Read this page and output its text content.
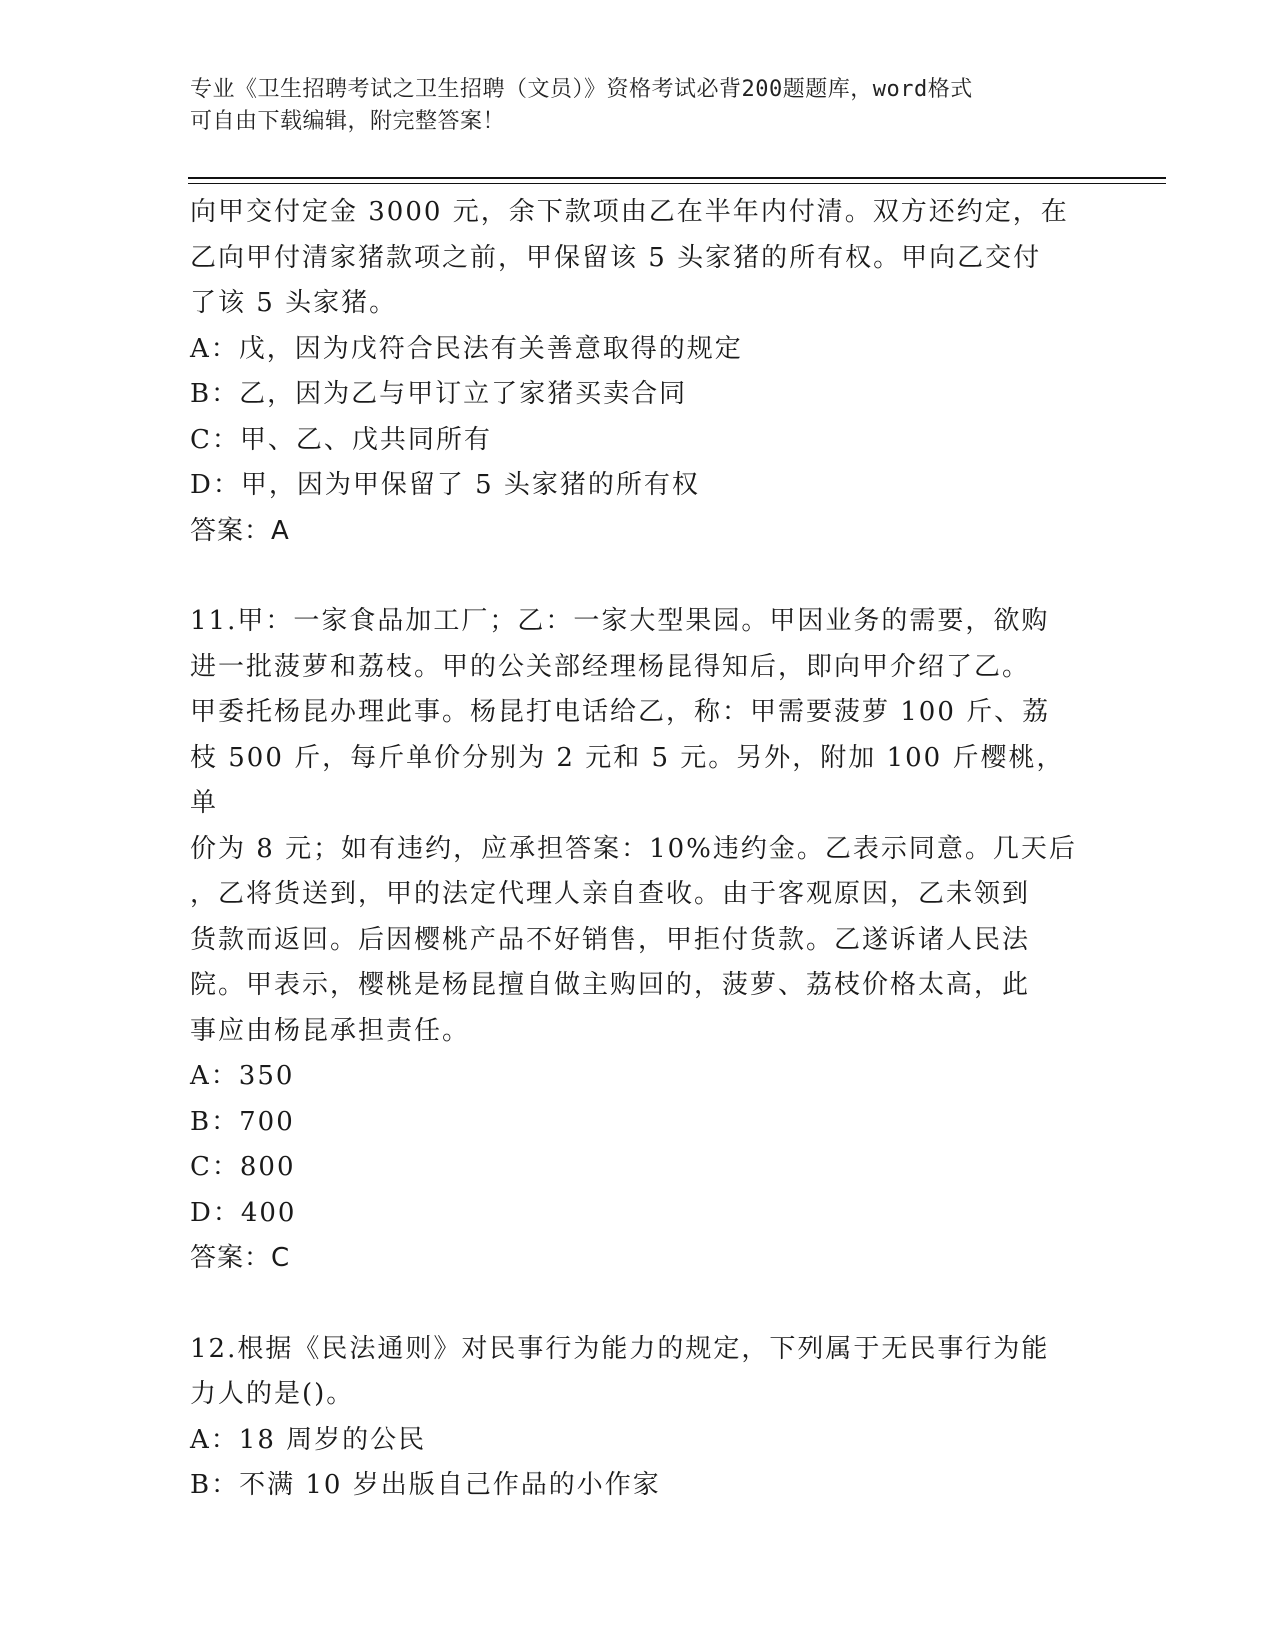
专业《卫生招聘考试之卫生招聘（文员）》资格考试必背200题题库，word格式
可自由下载编辑，附完整答案！

向甲交付定金 3000 元，余下款项由乙在半年内付清。双方还约定，在

乙向甲付清家猪款项之前，甲保留该 5 头家猪的所有权。甲向乙交付

了该 5 头家猪。

A：戊，因为戊符合民法有关善意取得的规定

B：乙，因为乙与甲订立了家猪买卖合同

C：甲、乙、戊共同所有

D：甲，因为甲保留了 5 头家猪的所有权

答案：A

11.甲：一家食品加工厂；乙：一家大型果园。甲因业务的需要，欲购

进一批菠萝和荔枝。甲的公关部经理杨昆得知后，即向甲介绍了乙。

甲委托杨昆办理此事。杨昆打电话给乙，称：甲需要菠萝 100 斤、荔

枝 500 斤，每斤单价分别为 2 元和 5 元。另外，附加 100 斤樱桃，单

价为 8 元；如有违约，应承担答案：10%违约金。乙表示同意。几天后

，乙将货送到，甲的法定代理人亲自查收。由于客观原因，乙未领到

货款而返回。后因樱桃产品不好销售，甲拒付货款。乙遂诉诸人民法

院。甲表示，樱桃是杨昆擅自做主购回的，菠萝、荔枝价格太高，此

事应由杨昆承担责任。

A：350

B：700

C：800

D：400

答案：C

12.根据《民法通则》对民事行为能力的规定，下列属于无民事行为能

力人的是()。

A：18 周岁的公民

B：不满 10 岁出版自己作品的小作家
